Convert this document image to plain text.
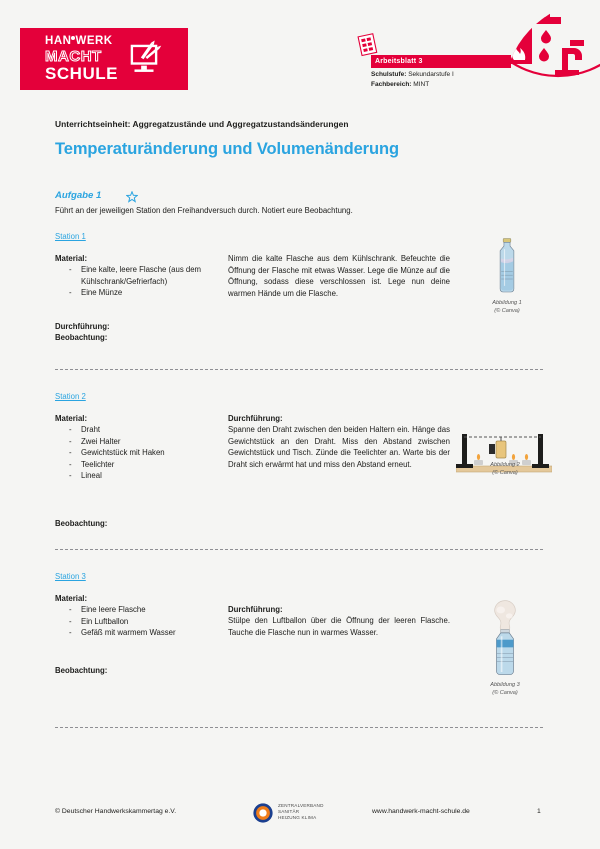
HAN WERK
MACHT
SCHULE
Arbeitsblatt 3
Schulstufe: Sekundarstufe I
Fachbereich: MINT
Unterrichtseinheit: Aggregatzustände und Aggregatzustandsänderungen
Temperaturänderung und Volumenänderung
Aufgabe 1
Führt an der jeweiligen Station den Freihandversuch durch. Notiert eure Beobachtung.
Station 1
Material:
- Eine kalte, leere Flasche (aus dem Kühlschrank/Gefrierfach)
- Eine Münze
Nimm die kalte Flasche aus dem Kühlschrank. Befeuchte die Öffnung der Flasche mit etwas Wasser. Lege die Münze auf die Öffnung, sodass diese verschlossen ist. Lege nun deine warmen Hände um die Flasche.
Durchführung:
Beobachtung:
Abbildung 1
(© Canva)
Station 2
Material:
- Draht
- Zwei Halter
- Gewichtstück mit Haken
- Teelichter
- Lineal
Durchführung:
Spanne den Draht zwischen den beiden Haltern ein. Hänge das Gewichtstück an den Draht. Miss den Abstand zwischen Gewichtstück und Tisch. Zünde die Teelichter an. Warte bis der Draht sich erwärmt hat und miss den Abstand erneut.
Beobachtung:
Abbildung 2
(© Canva)
Station 3
Material:
- Eine leere Flasche
- Ein Luftballon
- Gefäß mit warmem Wasser
Durchführung:
Stülpe den Luftballon über die Öffnung der leeren Flasche. Tauche die Flasche nun in warmes Wasser.
Beobachtung:
Abbildung 3
(© Canva)
© Deutscher Handwerkskammertag e.V.
ZENTRALVERBAND
SANITÄR
HEIZUNG KLIMA
www.handwerk-macht-schule.de	1
